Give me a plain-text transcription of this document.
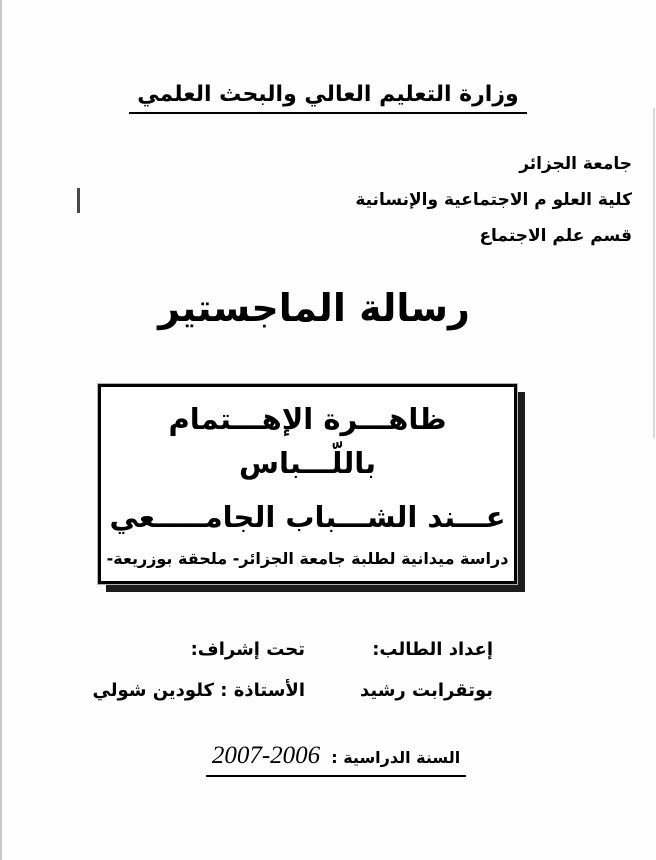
وزارة التعليم العالي والبحث العلمي
جامعة الجزائر
كلية العلو م الاجتماعية والإنسانية
قسم علم الاجتماع
رسالة الماجستير
ظاهـــرة الإهـــتمام باللّـــباس
عـــند الشـــباب الجامـــــعي
دراسة ميدانية لطلبة جامعة الجزائر- ملحقة بوزريعة-
إعداد الطالب:
بوتقرابت رشيد
تحت إشراف:
الأستاذة : كلودين شولي
السنة الدراسية : 2007-2006
